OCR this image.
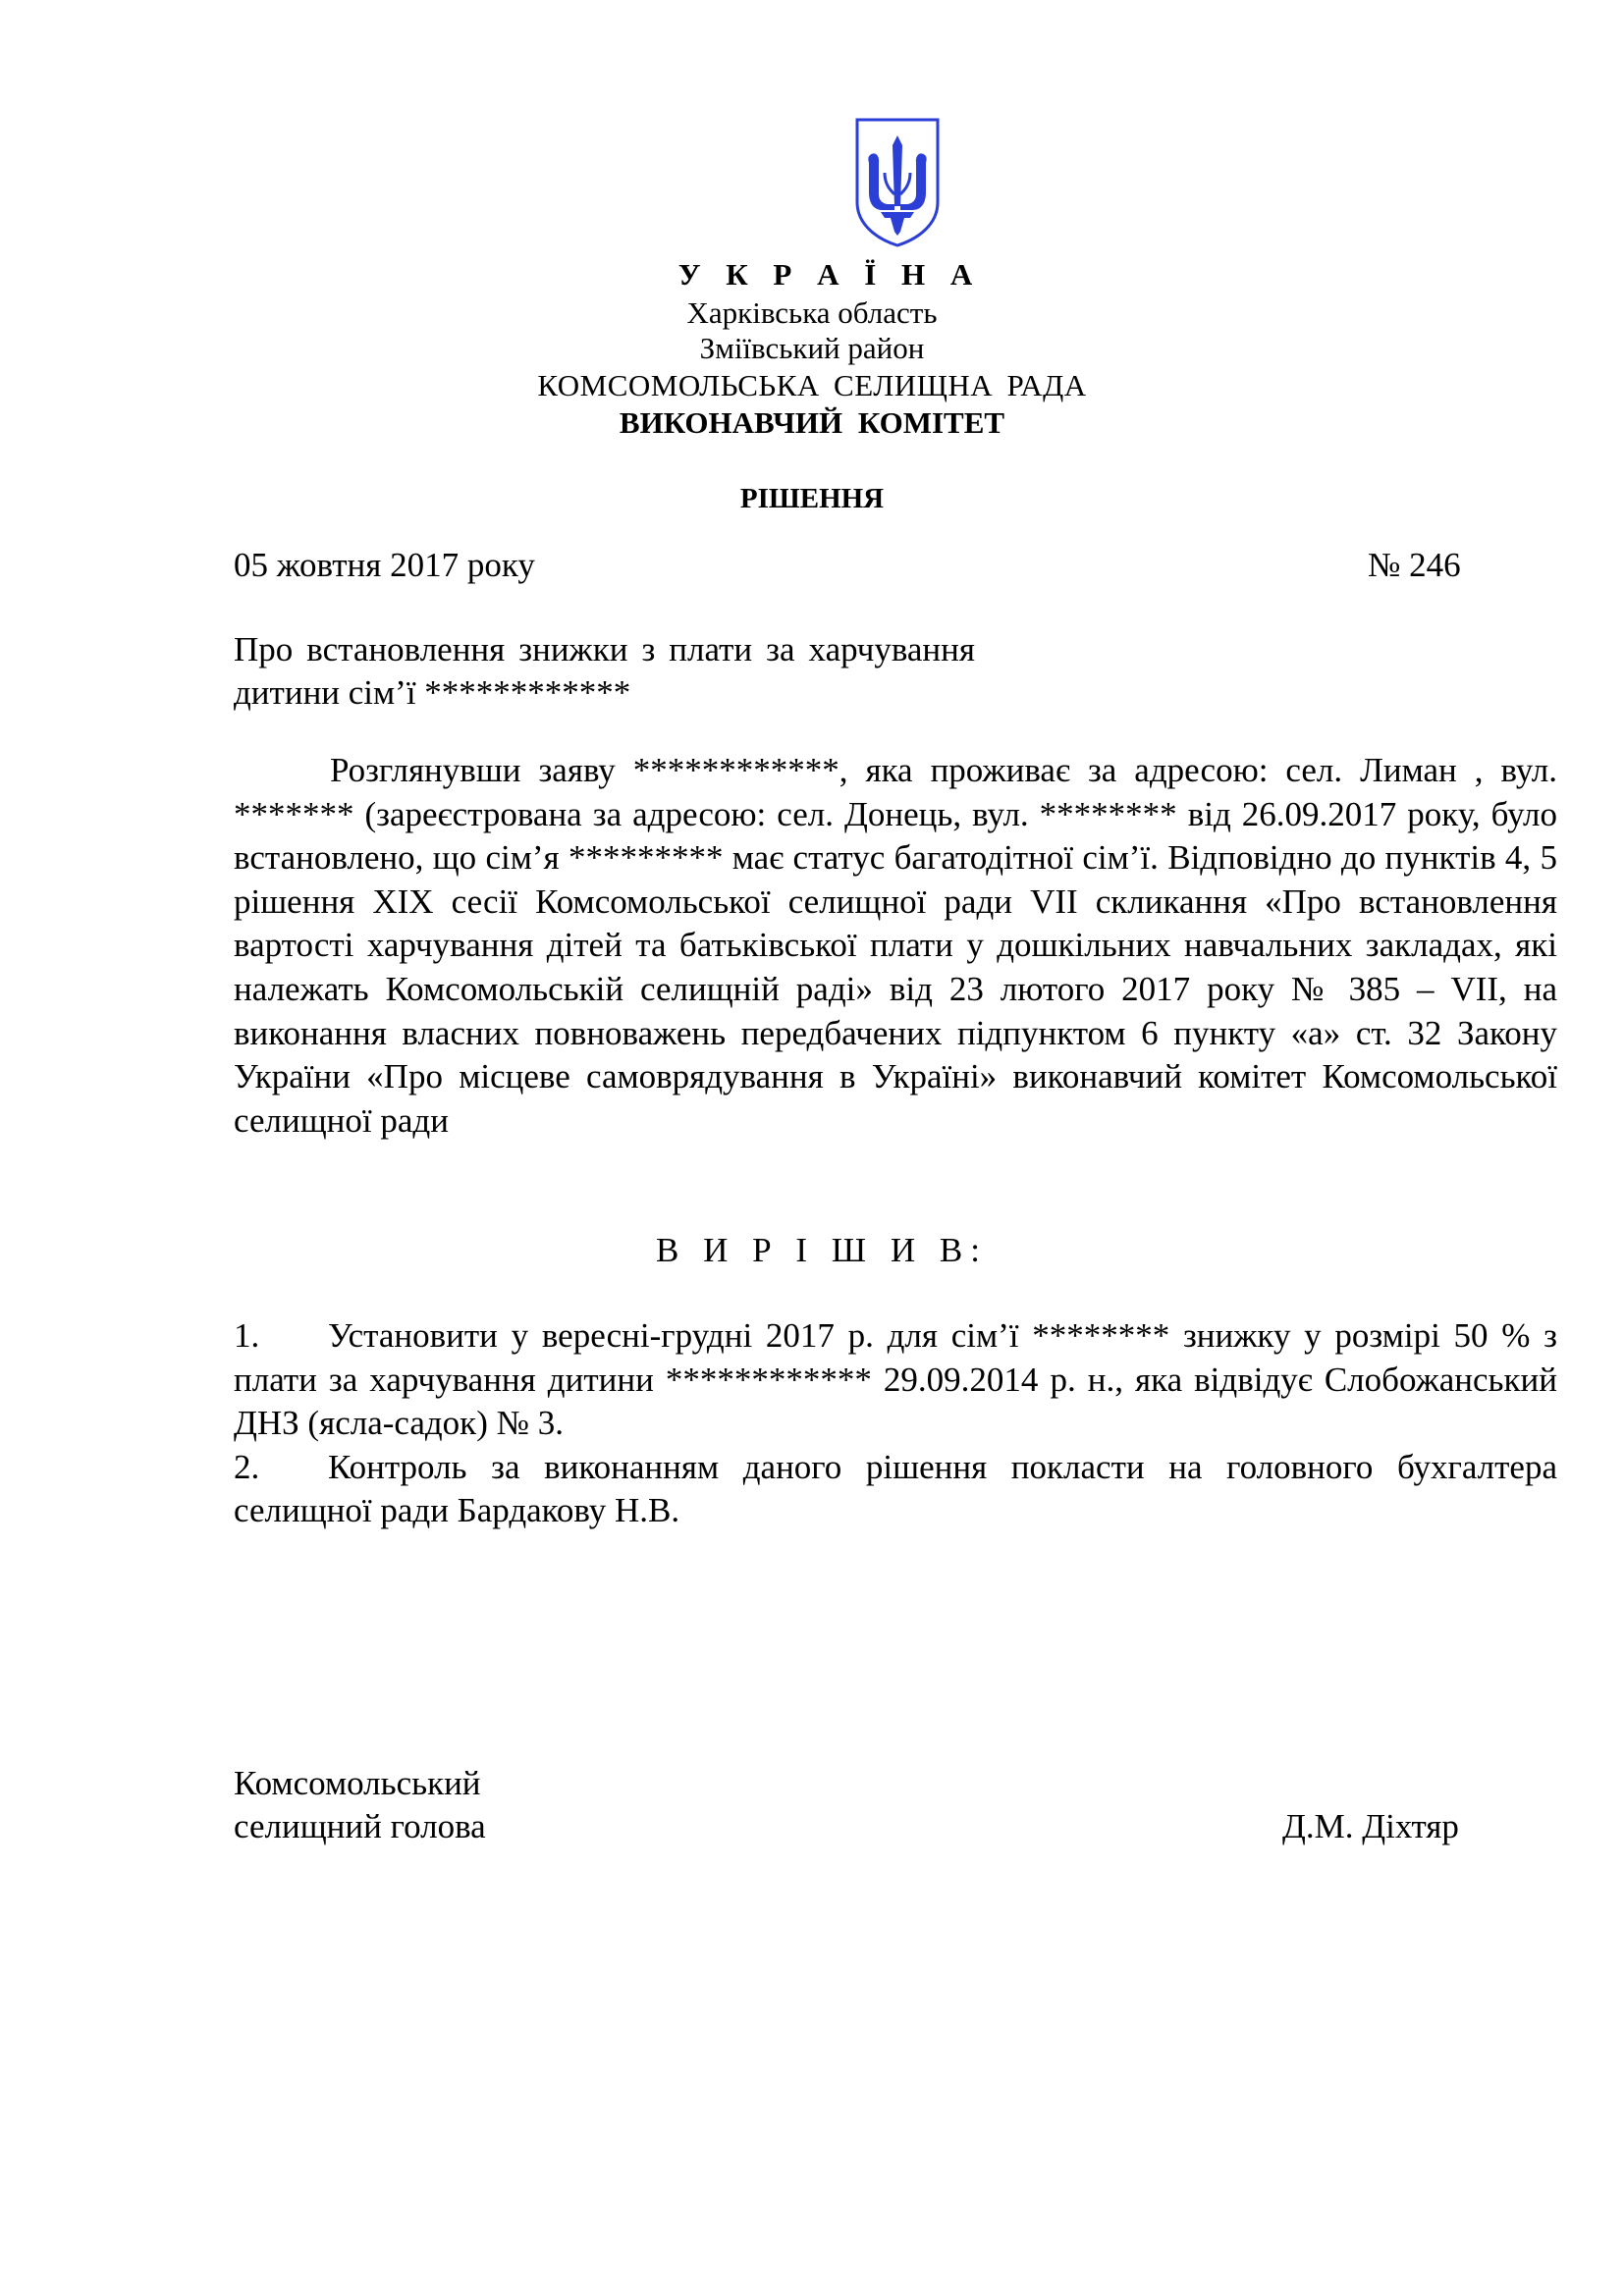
У К Р А Ї Н А
Харківська область
Зміївський район
КОМСОМОЛЬСЬКА СЕЛИЩНА РАДА
ВИКОНАВЧИЙ КОМІТЕТ
РІШЕННЯ
05 жовтня 2017 року	№ 246
Про встановлення знижки з плати за харчування дитини сім’ї ************

Розглянувши заяву ************, яка проживає за адресою: сел. Лиман , вул. ******* (зареєстрована за адресою: сел. Донець, вул. ******** від 26.09.2017 року, було встановлено, що сім’я ********* має статус багатодітної сім’ї. Відповідно до пунктів 4, 5 рішення XIX сесії Комсомольської селищної ради VII скликання «Про встановлення вартості харчування дітей та батьківської плати у дошкільних навчальних закладах, які належать Комсомольській селищній раді» від 23 лютого 2017 року № 385 – VII, на виконання власних повноважень передбачених підпунктом 6 пункту «а» ст. 32 Закону України «Про місцеве самоврядування в Україні» виконавчий комітет Комсомольської селищної ради

В И Р І Ш И В:

1. Установити у вересні-грудні 2017 р. для сім’ї ******** знижку у розмірі 50 % з плати за харчування дитини ************ 29.09.2014 р. н., яка відвідує Слобожанський ДНЗ (ясла-садок) № 3.

2. Контроль за виконанням даного рішення покласти на головного бухгалтера селищної ради Бардакову Н.В.

Комсомольський
селищний голова	Д.М. Діхтяр
